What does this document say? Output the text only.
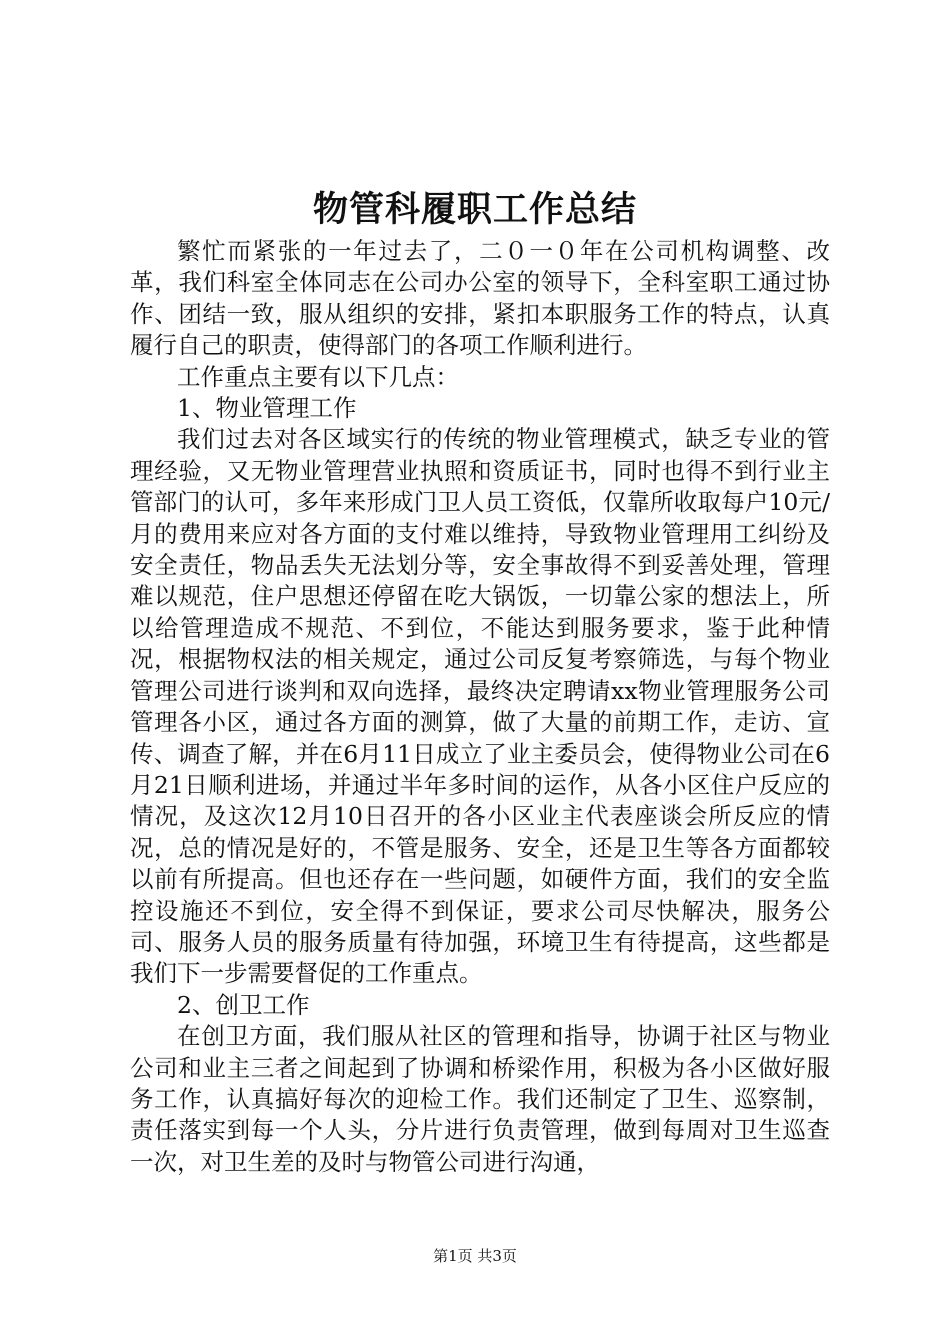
物管科履职工作总结

繁忙而紧张的一年过去了，二０一０年在公司机构调整、改革，我们科室全体同志在公司办公室的领导下，全科室职工通过协作、团结一致，服从组织的安排，紧扣本职服务工作的特点，认真履行自己的职责，使得部门的各项工作顺利进行。

工作重点主要有以下几点：

1、物业管理工作

我们过去对各区域实行的传统的物业管理模式，缺乏专业的管理经验，又无物业管理营业执照和资质证书，同时也得不到行业主管部门的认可，多年来形成门卫人员工资低，仅靠所收取每户10元/月的费用来应对各方面的支付难以维持，导致物业管理用工纠纷及安全责任，物品丢失无法划分等，安全事故得不到妥善处理，管理难以规范，住户思想还停留在吃大锅饭，一切靠公家的想法上，所以给管理造成不规范、不到位，不能达到服务要求，鉴于此种情况，根据物权法的相关规定，通过公司反复考察筛选，与每个物业管理公司进行谈判和双向选择，最终决定聘请xx物业管理服务公司管理各小区，通过各方面的测算，做了大量的前期工作，走访、宣传、调查了解，并在6月11日成立了业主委员会，使得物业公司在6月21日顺利进场，并通过半年多时间的运作，从各小区住户反应的情况，及这次12月10日召开的各小区业主代表座谈会所反应的情况，总的情况是好的，不管是服务、安全，还是卫生等各方面都较以前有所提高。但也还存在一些问题，如硬件方面，我们的安全监控设施还不到位，安全得不到保证，要求公司尽快解决，服务公司、服务人员的服务质量有待加强，环境卫生有待提高，这些都是我们下一步需要督促的工作重点。

2、创卫工作

在创卫方面，我们服从社区的管理和指导，协调于社区与物业公司和业主三者之间起到了协调和桥梁作用，积极为各小区做好服务工作，认真搞好每次的迎检工作。我们还制定了卫生、巡察制，责任落实到每一个人头，分片进行负责管理，做到每周对卫生巡查一次，对卫生差的及时与物管公司进行沟通，

第1页 共3页
